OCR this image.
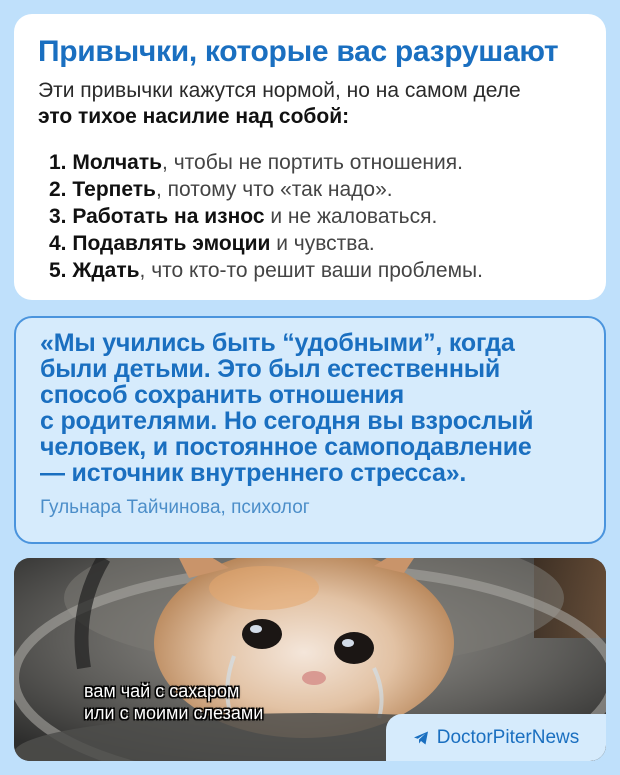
Привычки, которые вас разрушают
Эти привычки кажутся нормой, но на самом деле
это тихое насилие над собой:
1. Молчать, чтобы не портить отношения.
2. Терпеть, потому что «так надо».
3. Работать на износ и не жаловаться.
4. Подавлять эмоции и чувства.
5. Ждать, что кто-то решит ваши проблемы.

«Мы учились быть “удобными”, когда
были детьми. Это был естественный
способ сохранить отношения
с родителями. Но сегодня вы взрослый
человек, и постоянное самоподавление
— источник внутреннего стресса».

Гульнара Тайчинова, психолог
вам чай с сахаром
или с моими слезами
DoctorPiterNews
